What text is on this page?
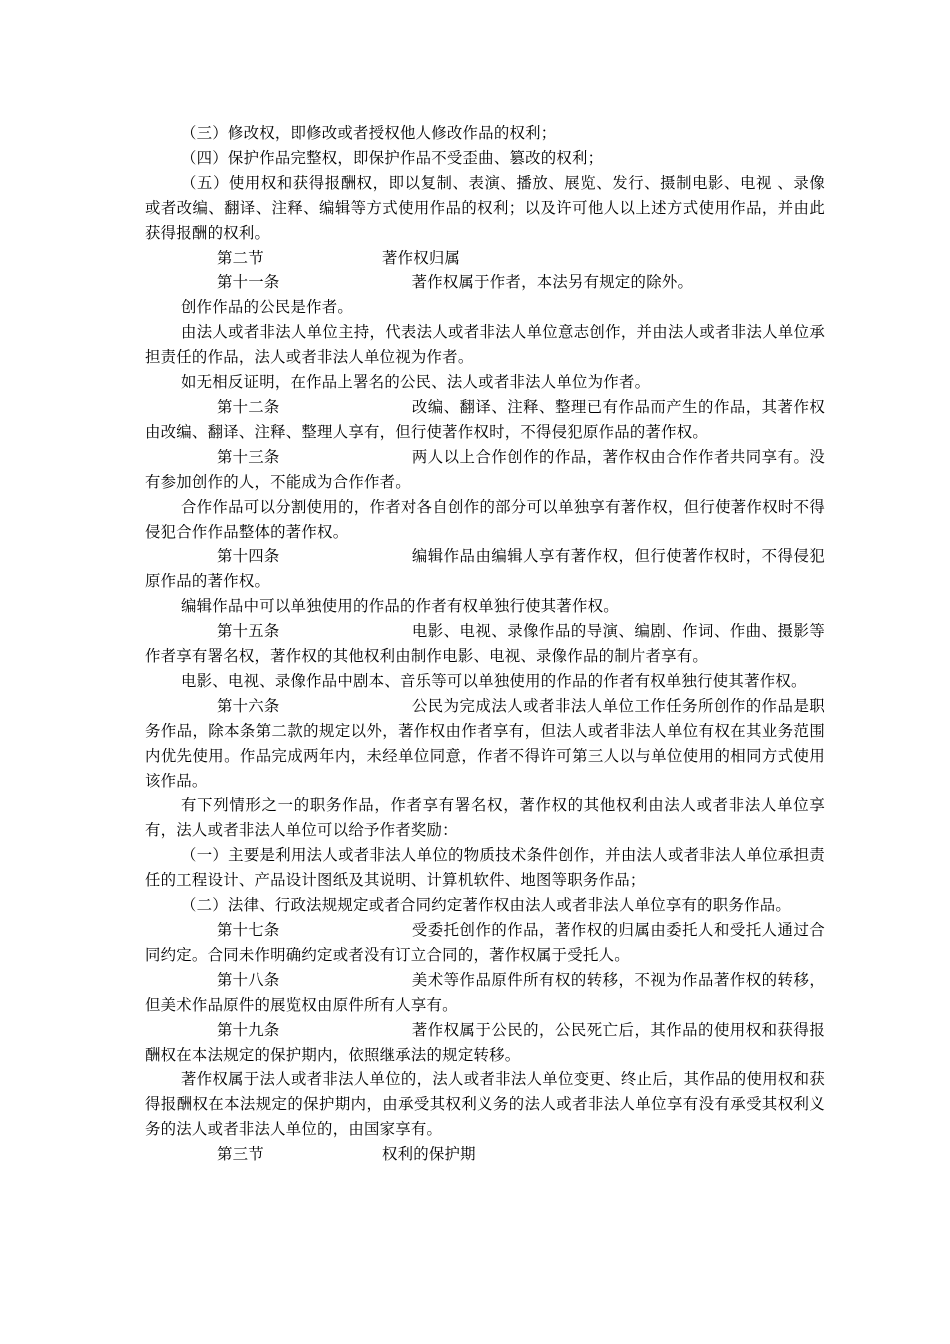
（三）修改权，即修改或者授权他人修改作品的权利；

（四）保护作品完整权，即保护作品不受歪曲、篡改的权利；

（五）使用权和获得报酬权，即以复制、表演、播放、展览、发行、摄制电影、电视 、录像或者改编、翻译、注释、编辑等方式使用作品的权利；以及许可他人以上述方式使用作品，并由此获得报酬的权利。

第二节	著作权归属

第十一条	著作权属于作者，本法另有规定的除外。

创作作品的公民是作者。

由法人或者非法人单位主持，代表法人或者非法人单位意志创作，并由法人或者非法人单位承担责任的作品，法人或者非法人单位视为作者。

如无相反证明，在作品上署名的公民、法人或者非法人单位为作者。

第十二条	改编、翻译、注释、整理已有作品而产生的作品，其著作权由改编、翻译、注释、整理人享有，但行使著作权时，不得侵犯原作品的著作权。

第十三条	两人以上合作创作的作品，著作权由合作作者共同享有。没有参加创作的人，不能成为合作作者。

合作作品可以分割使用的，作者对各自创作的部分可以单独享有著作权，但行使著作权时不得侵犯合作作品整体的著作权。

第十四条	编辑作品由编辑人享有著作权，但行使著作权时，不得侵犯原作品的著作权。

编辑作品中可以单独使用的作品的作者有权单独行使其著作权。

第十五条	电影、电视、录像作品的导演、编剧、作词、作曲、摄影等作者享有署名权，著作权的其他权利由制作电影、电视、录像作品的制片者享有。

电影、电视、录像作品中剧本、音乐等可以单独使用的作品的作者有权单独行使其著作权。

第十六条	公民为完成法人或者非法人单位工作任务所创作的作品是职务作品，除本条第二款的规定以外，著作权由作者享有，但法人或者非法人单位有权在其业务范围内优先使用。作品完成两年内，未经单位同意，作者不得许可第三人以与单位使用的相同方式使用该作品。

有下列情形之一的职务作品，作者享有署名权，著作权的其他权利由法人或者非法人单位享有，法人或者非法人单位可以给予作者奖励：

（一）主要是利用法人或者非法人单位的物质技术条件创作，并由法人或者非法人单位承担责任的工程设计、产品设计图纸及其说明、计算机软件、地图等职务作品；

（二）法律、行政法规规定或者合同约定著作权由法人或者非法人单位享有的职务作品。

第十七条	受委托创作的作品，著作权的归属由委托人和受托人通过合同约定。合同未作明确约定或者没有订立合同的，著作权属于受托人。

第十八条	美术等作品原件所有权的转移，不视为作品著作权的转移，但美术作品原件的展览权由原件所有人享有。

第十九条	著作权属于公民的，公民死亡后，其作品的使用权和获得报酬权在本法规定的保护期内，依照继承法的规定转移。

著作权属于法人或者非法人单位的，法人或者非法人单位变更、终止后，其作品的使用权和获得报酬权在本法规定的保护期内，由承受其权利义务的法人或者非法人单位享有没有承受其权利义务的法人或者非法人单位的，由国家享有。

第三节	权利的保护期
